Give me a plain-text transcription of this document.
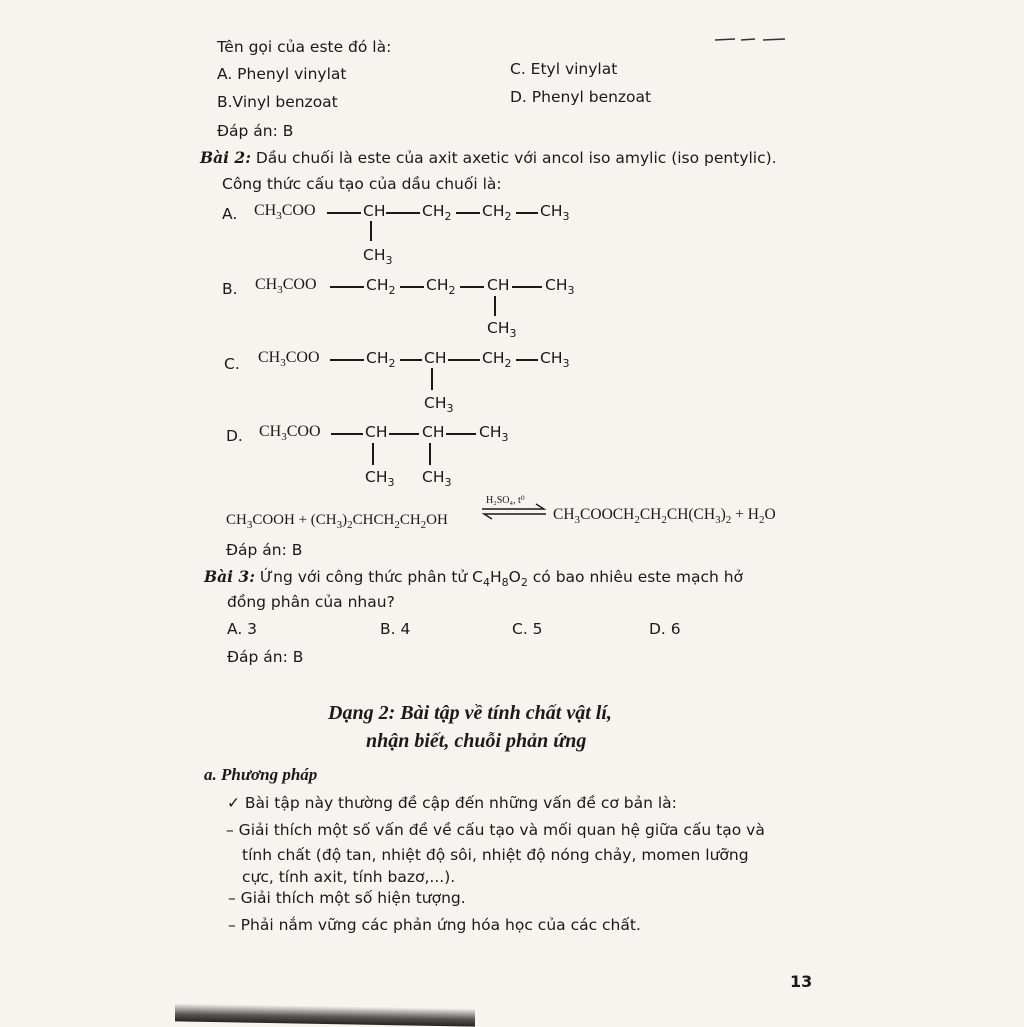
Tên gọi của este đó là:
A. Phenyl vinylat	C. Etyl vinylat
B.Vinyl benzoat	D. Phenyl benzoat
Đáp án: B
Bài 2: Dầu chuối là este của axit axetic với ancol iso amylic (iso pentylic).
Công thức cấu tạo của dầu chuối là:
A. $CH_3COO$	CH $CH_2$ $CH_2$ $CH_3$
$CH_3$
B. $CH_3COO$	$CH_2$ $CH_2$ CH $CH_3$
$CH_3$
C. $CH_3COO$	$CH_2$ CH $CH_2$ $CH_3$
$CH_3$
D. $CH_3COO$	CH CH $CH_3$
$CH_3$ $CH_3$
$CH_3COOH$ + $(CH_3)_2CHCH_2CH_2OH$
H₂SO₄, t⁰
$CH_3COOCH_2CH_2CH(CH_3)_2 + H_2O$
Đáp án: B
Bài 3: Ứng với công thức phân tử $C_4H_8O_2$ có bao nhiêu este mạch hở
đồng phân của nhau?
A. 3	B. 4	C. 5	D. 6
Đáp án: B
Dạng 2: Bài tập về tính chất vật lí,
nhận biết, chuỗi phản ứng
a. Phương pháp
✓ Bài tập này thường đề cập đến những vấn đề cơ bản là:
– Giải thích một số vấn đề về cấu tạo và mối quan hệ giữa cấu tạo và
tính chất (độ tan, nhiệt độ sôi, nhiệt độ nóng chảy, momen lưỡng
cực, tính axit, tính bazơ,...).
– Giải thích một số hiện tượng.
– Phải nắm vững các phản ứng hóa học của các chất.
13
